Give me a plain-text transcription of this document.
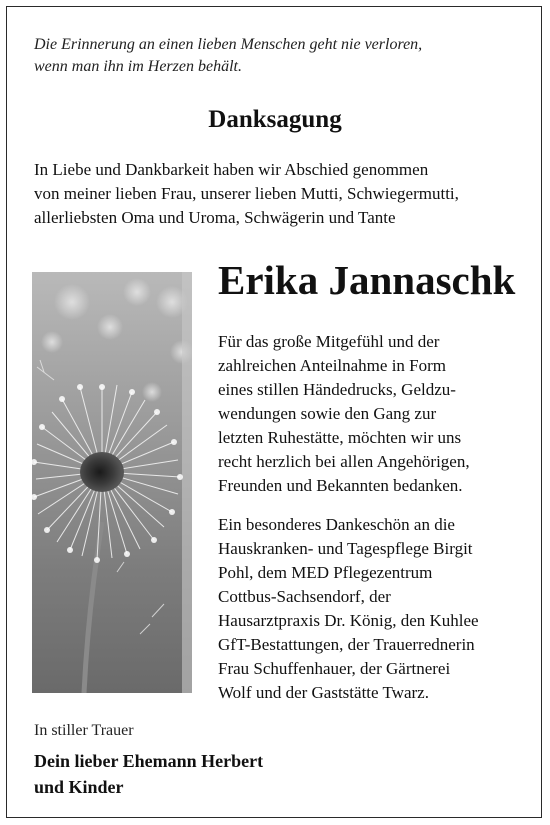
Die Erinnerung an einen lieben Menschen geht nie verloren,
wenn man ihn im Herzen behält.

Danksagung

In Liebe und Dankbarkeit haben wir Abschied genommen
von meiner lieben Frau, unserer lieben Mutti, Schwiegermutti,
allerliebsten Oma und Uroma, Schwägerin und Tante

Erika Jannaschk

Für das große Mitgefühl und der
zahlreichen Anteilnahme in Form
eines stillen Händedrucks, Geldzu-
wendungen sowie den Gang zur
letzten Ruhestätte, möchten wir uns
recht herzlich bei allen Angehörigen,
Freunden und Bekannten bedanken.

Ein besonderes Dankeschön an die
Hauskranken- und Tagespflege Birgit
Pohl, dem MED Pflegezentrum
Cottbus-Sachsendorf, der
Hausarztpraxis Dr. König, den Kuhlee
GfT-Bestattungen, der Trauerrednerin
Frau Schuffenhauer, der Gärtnerei
Wolf und der Gaststätte Twarz.

In stiller Trauer

Dein lieber Ehemann Herbert
und Kinder
